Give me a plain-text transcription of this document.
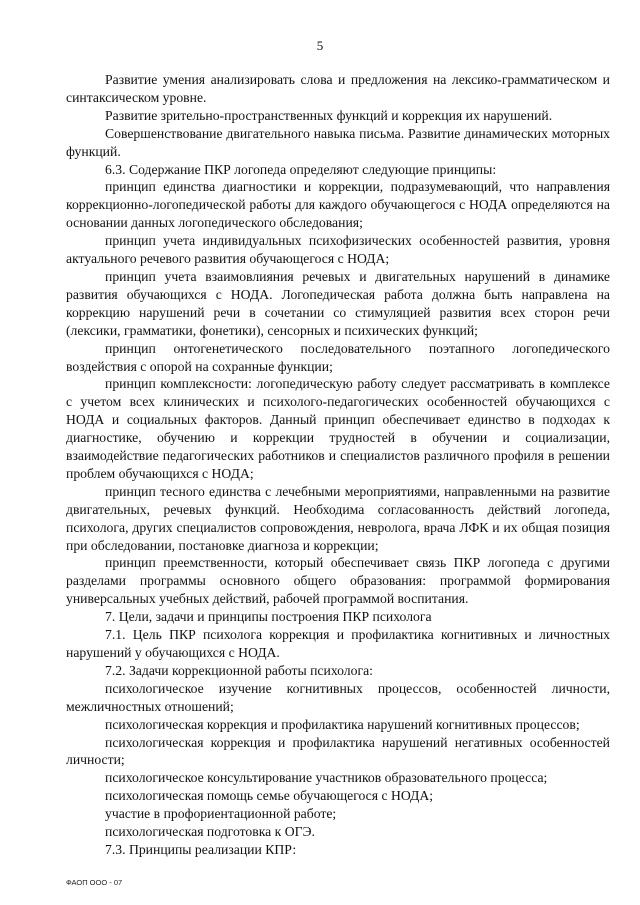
5

Развитие умения анализировать слова и предложения на лексико-грамматическом и синтаксическом уровне.

Развитие зрительно-пространственных функций и коррекция их нарушений.

Совершенствование двигательного навыка письма. Развитие динамических моторных функций.

6.3. Содержание ПКР логопеда определяют следующие принципы:

принцип единства диагностики и коррекции, подразумевающий, что направления коррекционно-логопедической работы для каждого обучающегося с НОДА определяются на основании данных логопедического обследования;

принцип учета индивидуальных психофизических особенностей развития, уровня актуального речевого развития обучающегося с НОДА;

принцип учета взаимовлияния речевых и двигательных нарушений в динамике развития обучающихся с НОДА. Логопедическая работа должна быть направлена на коррекцию нарушений речи в сочетании со стимуляцией развития всех сторон речи (лексики, грамматики, фонетики), сенсорных и психических функций;

принцип онтогенетического последовательного поэтапного логопедического воздействия с опорой на сохранные функции;

принцип комплексности: логопедическую работу следует рассматривать в комплексе с учетом всех клинических и психолого-педагогических особенностей обучающихся с НОДА и социальных факторов. Данный принцип обеспечивает единство в подходах к диагностике, обучению и коррекции трудностей в обучении и социализации, взаимодействие педагогических работников и специалистов различного профиля в решении проблем обучающихся с НОДА;

принцип тесного единства с лечебными мероприятиями, направленными на развитие двигательных, речевых функций. Необходима согласованность действий логопеда, психолога, других специалистов сопровождения, невролога, врача ЛФК и их общая позиция при обследовании, постановке диагноза и коррекции;

принцип преемственности, который обеспечивает связь ПКР логопеда с другими разделами программы основного общего образования: программой формирования универсальных учебных действий, рабочей программой воспитания.

7. Цели, задачи и принципы построения ПКР психолога

7.1. Цель ПКР психолога коррекция и профилактика когнитивных и личностных нарушений у обучающихся с НОДА.

7.2. Задачи коррекционной работы психолога:

психологическое изучение когнитивных процессов, особенностей личности, межличностных отношений;

психологическая коррекция и профилактика нарушений когнитивных процессов;

психологическая коррекция и профилактика нарушений негативных особенностей личности;

психологическое консультирование участников образовательного процесса;

психологическая помощь семье обучающегося с НОДА;

участие в профориентационной работе;

психологическая подготовка к ОГЭ.

7.3. Принципы реализации КПР:

ФАОП ООО - 07
